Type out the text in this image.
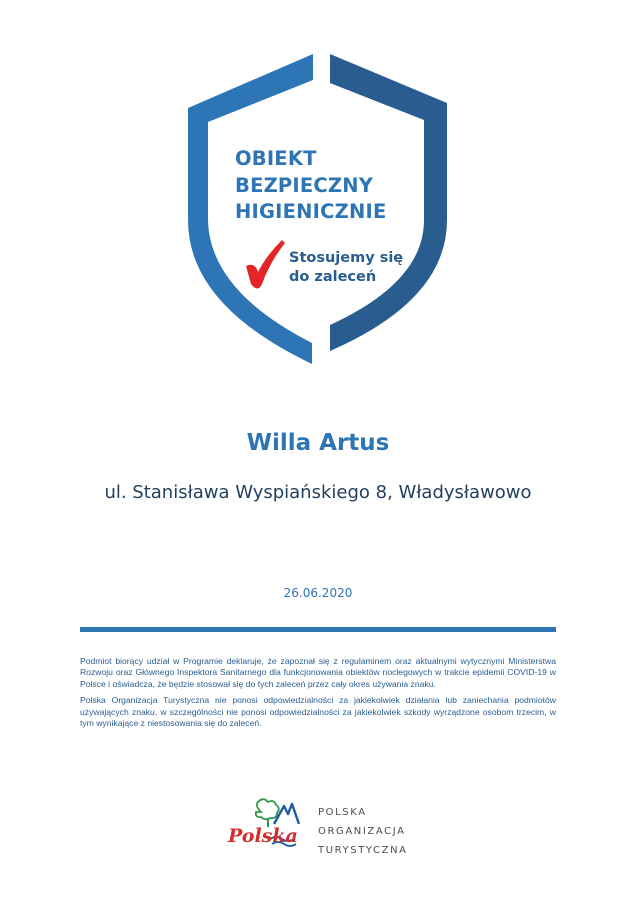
OBIEKT
BEZPIECZNY
HIGIENICZNIE
Stosujemy się
do zaleceń
Willa Artus
ul. Stanisława Wyspiańskiego 8, Władysławowo
26.06.2020

Podmiot biorący udział w Programie deklaruje, że zapoznał się z regulaminem oraz aktualnymi wytycznymi Ministerstwa Rozwoju oraz Głównego Inspektora Sanitarnego dla funkcjonowania obiektów noclegowych w trakcie epidemii COVID-19 w Polsce i oświadcza, że będzie stosował się do tych zaleceń przez cały okres używania znaku.

Polska Organizacja Turystyczna nie ponosi odpowiedzialności za jakiekolwiek działania lub zaniechania podmiotów używających znaku, w szczególności nie ponosi odpowiedzialności za jakiekolwiek szkody wyrządzone osobom trzecim, w tym wynikające z niestosowania się do zaleceń.

Polska
POLSKA
ORGANIZACJA
TURYSTYCZNA
